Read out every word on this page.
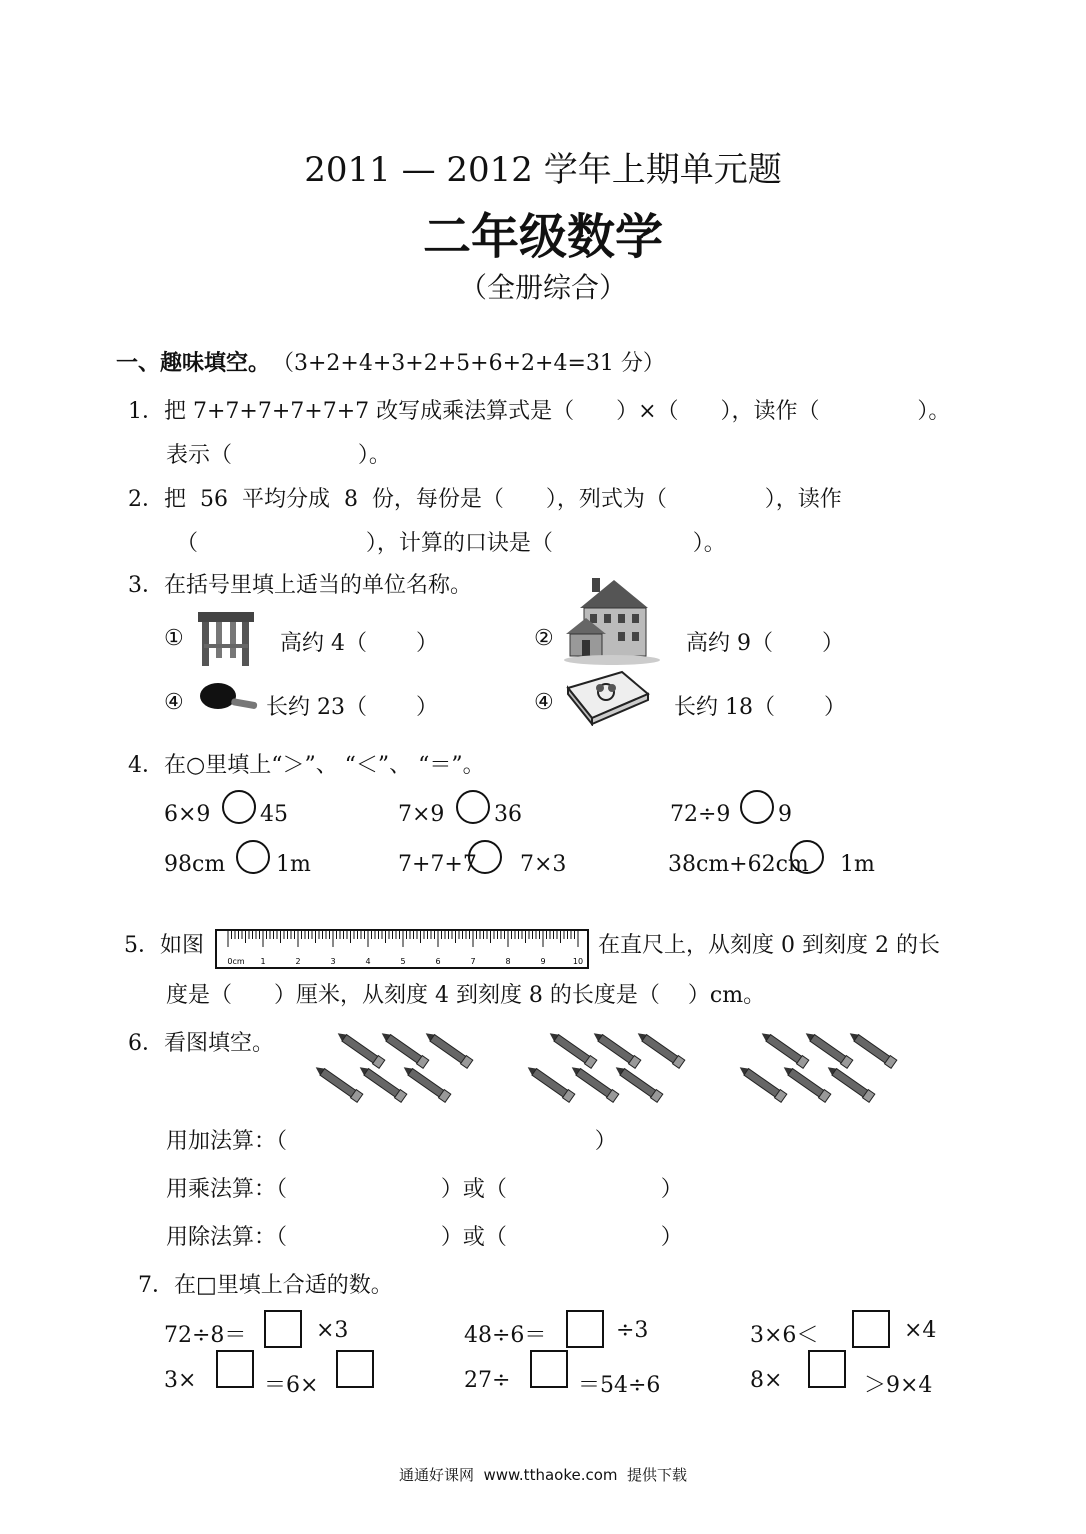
2011 — 2012 学年上期单元题
二年级数学
（全册综合）
一、趣味填空。 （3+2+4+3+2+5+6+2+4=31 分）
1．把 7+7+7+7+7+7 改写成乘法算式是（      ）×（      ），读作（              ）。
表示（                  ）。
2．把  56  平均分成  8  份，每份是（      ），列式为（              ），读作
（                        ），计算的口诀是（                    ）。
3．在括号里填上适当的单位名称。
①	高约 4（       ）	②	高约 9（       ）
④	长约 23（       ）	④	长约 18（       ）
4．在○里填上“＞”、 “＜”、 “＝”。
6×9 45	7×9 36	72÷9 9
98cm 1m	7+7+7 7×3	38cm+62cm 1m
5．如图
0cm 1	2	3	4	5	6	7	8	9	10
在直尺上，从刻度 0 到刻度 2 的长
度是（      ）厘米，从刻度 4 到刻度 8 的长度是（    ）cm。
6．看图填空。
用加法算：（                                            ）
用乘法算：（                      ）或（                      ）
用除法算：（                      ）或（                      ）
7．在□里填上合适的数。
72÷8＝	×3	48÷6＝	÷3	3×6＜	×4
3×	＝6×	27÷	＝54÷6	8×	＞9×4
通通好课网  www.tthaoke.com  提供下载
